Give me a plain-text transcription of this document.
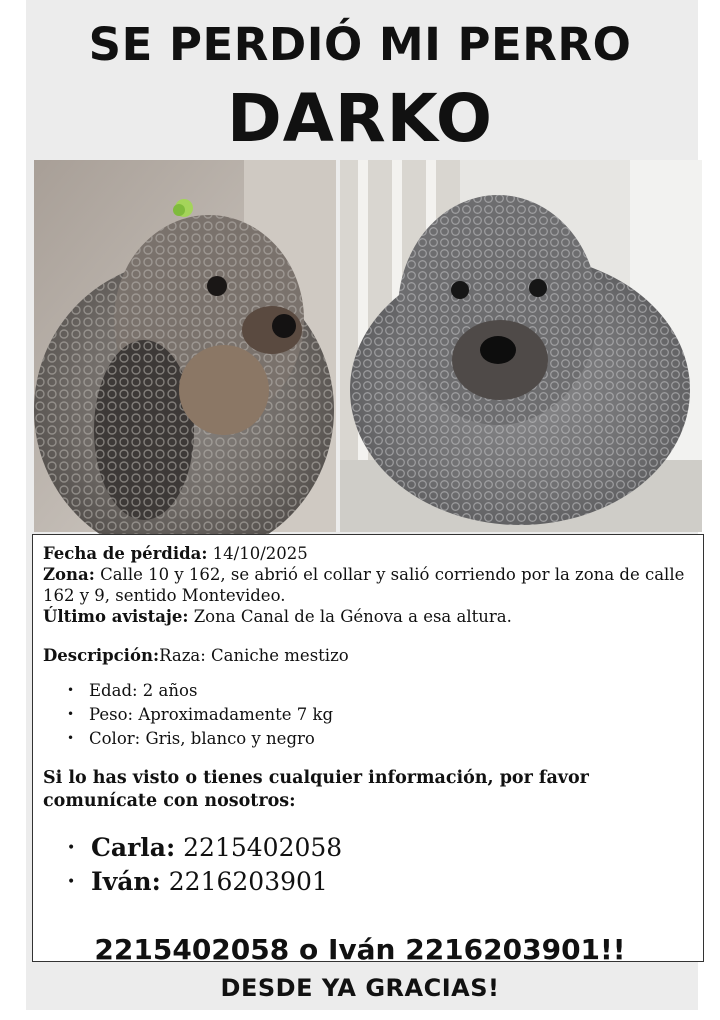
SE PERDIÓ MI PERRO
DARKO

Fecha de pérdida: 14/10/2025

Zona: Calle 10 y 162, se abrió el collar y salió corriendo por la zona de calle 162 y 9, sentido Montevideo.

Último avistaje: Zona Canal de la Génova a esa altura.

Descripción:Raza: Caniche mestizo

• Edad: 2 años
• Peso: Aproximadamente 7 kg
• Color: Gris, blanco y negro

Si lo has visto o tienes cualquier información, por favor comunícate con nosotros:

• Carla: 2215402058
• Iván: 2216203901
2215402058 o Iván 2216203901!!
DESDE YA GRACIAS!
